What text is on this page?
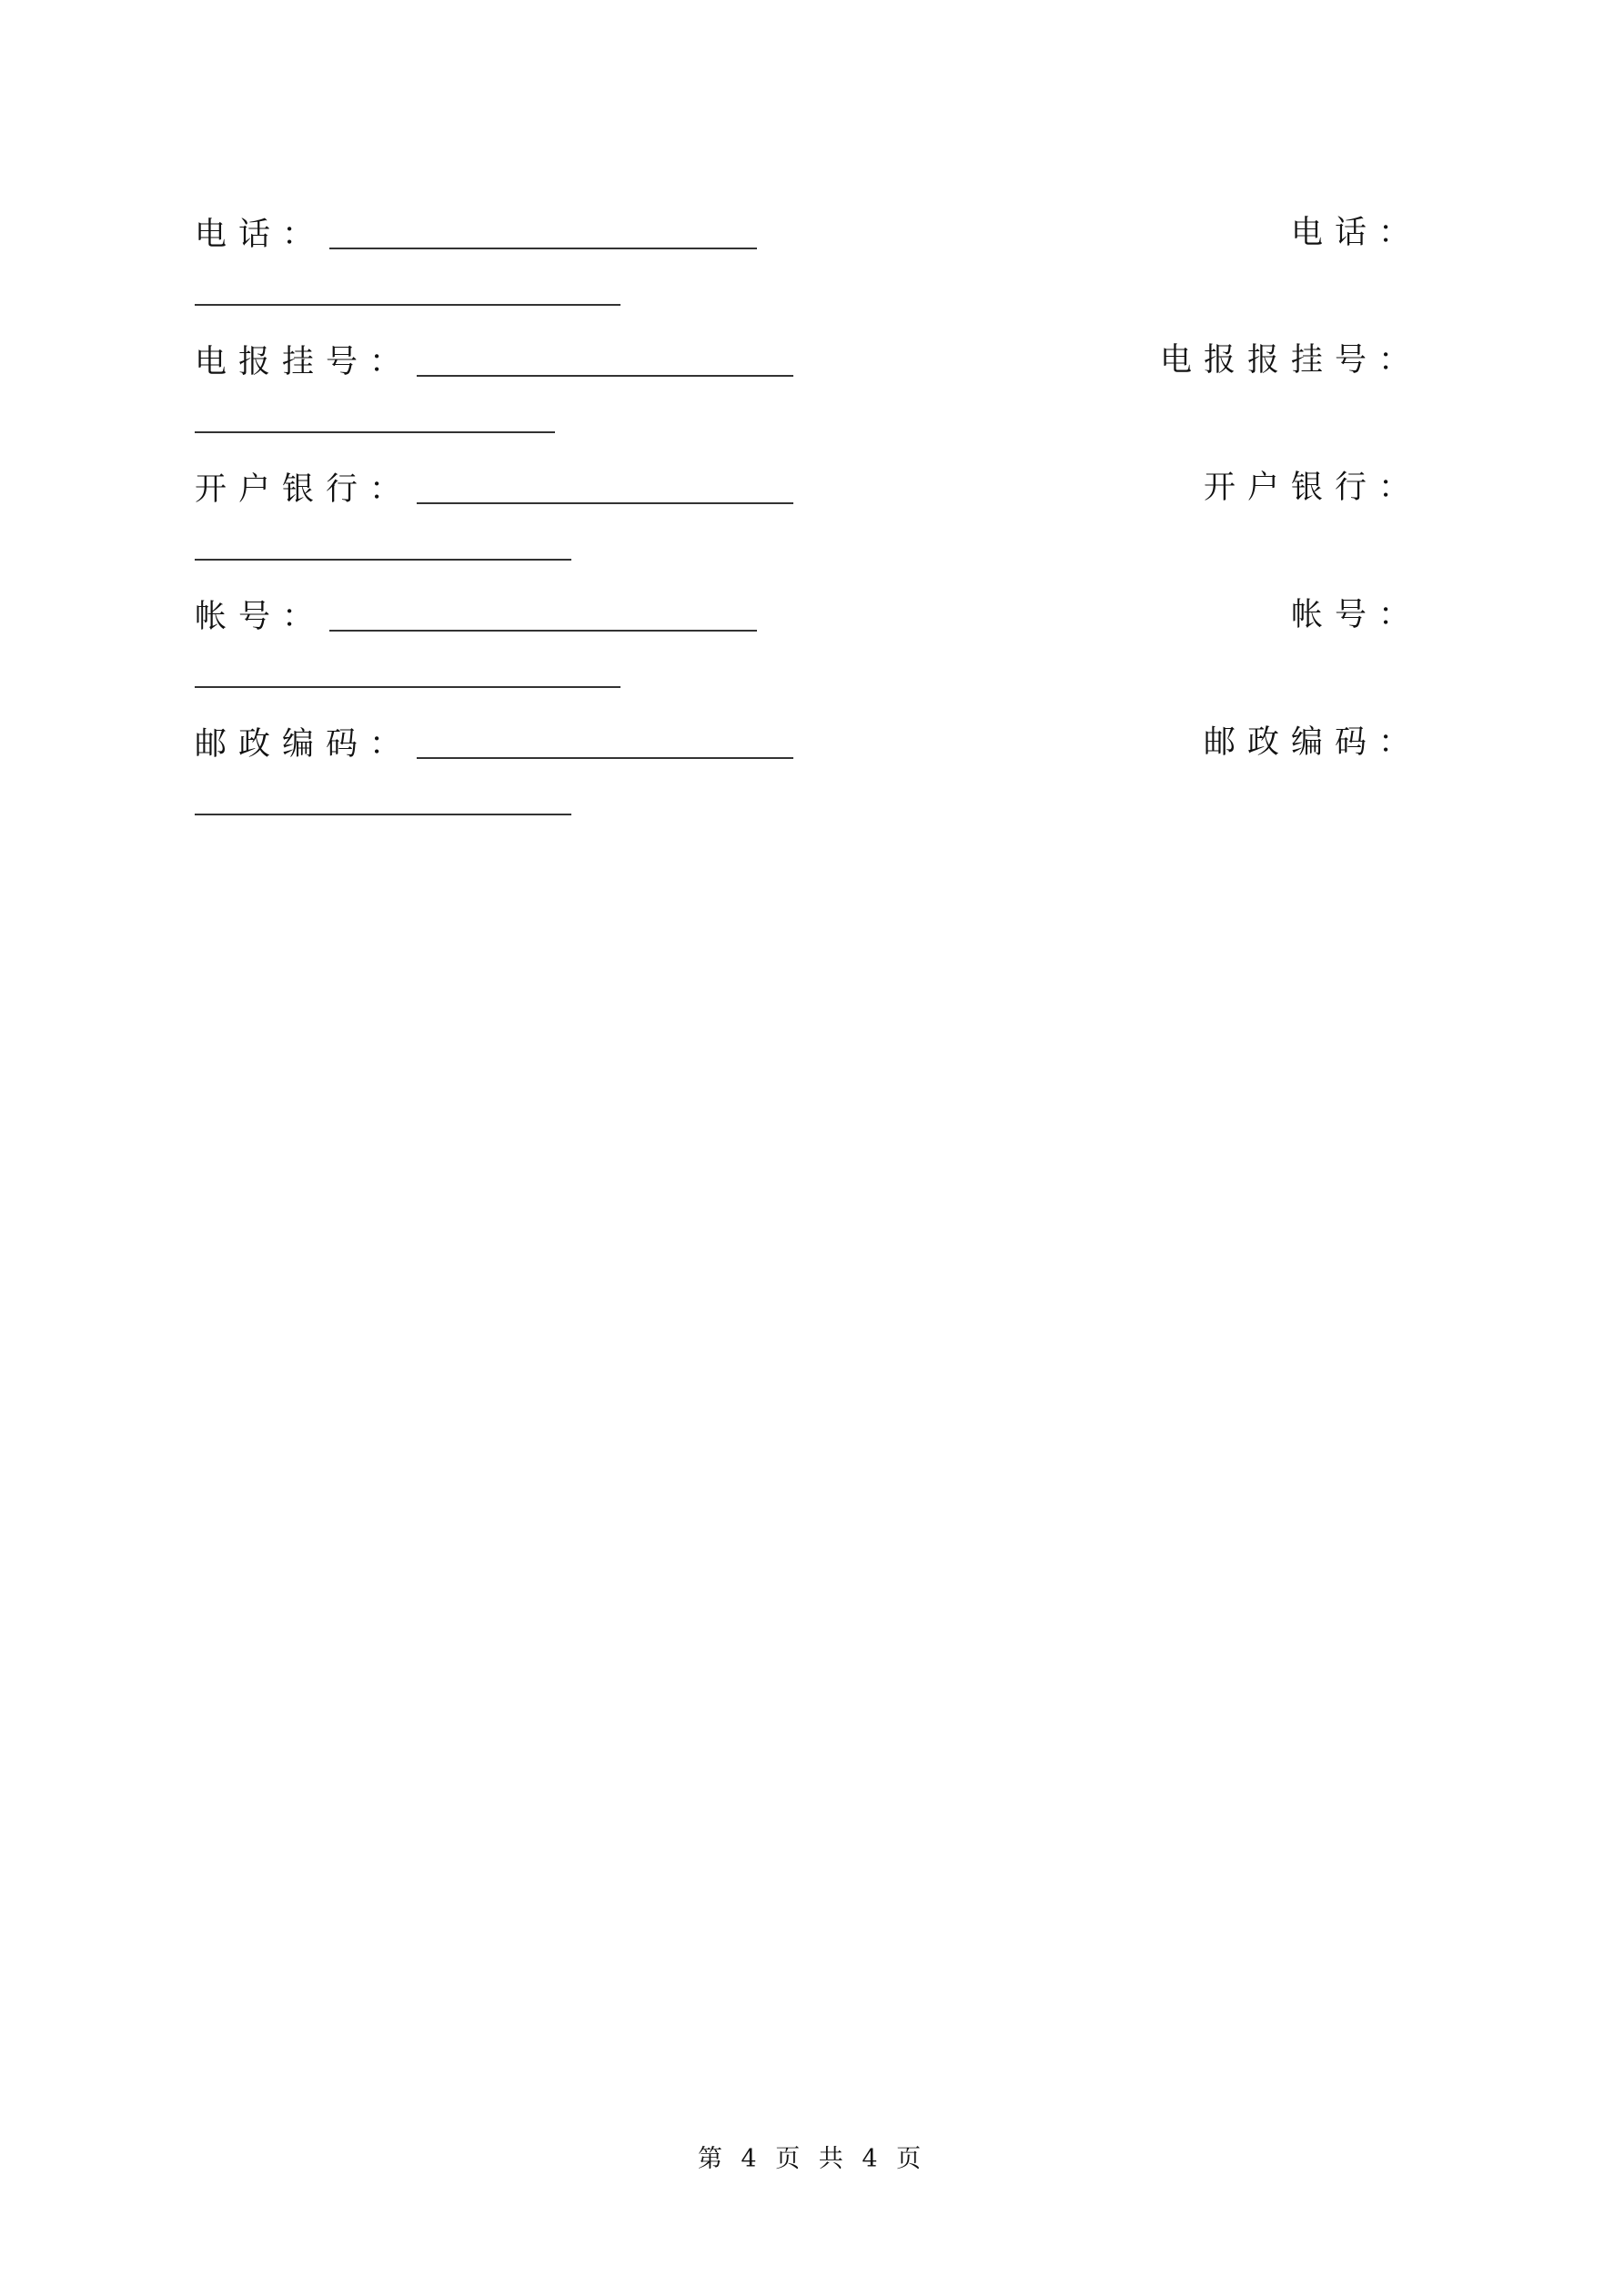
电话：	电话：
电报挂号：	电报报挂号：
开户银行：	开户银行：
帐号：	帐号：
邮政编码：	邮政编码：
第 4 页 共 4 页
